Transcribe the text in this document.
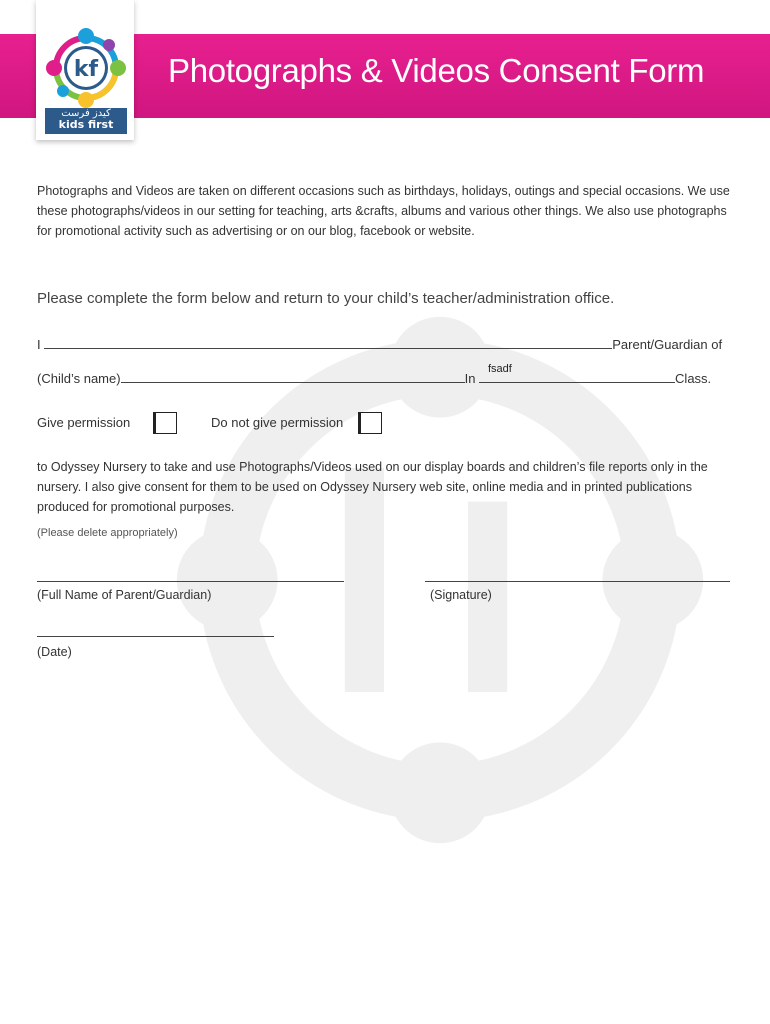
Photographs & Videos Consent Form
kf
كيدز فرست
kids first
Photographs and Videos are taken on different occasions such as birthdays, holidays, outings and special occasions. We use these photographs/videos in our setting for teaching, arts &crafts, albums and various other things. We also use photographs for promotional activity such as advertising or on our blog, facebook or website.
Please complete the form below and return to your child’s teacher/administration office.
I	Parent/Guardian of
(Child’s name)	In	Class.
fsadf
Give permission	Do not give permission
to Odyssey Nursery to take and use Photographs/Videos used on our display boards and children’s file reports only in the nursery. I also give consent for them to be used on Odyssey Nursery web site, online media and in printed publications produced for promotional purposes.
(Please delete appropriately)
(Full Name of Parent/Guardian)	(Signature)
(Date)
